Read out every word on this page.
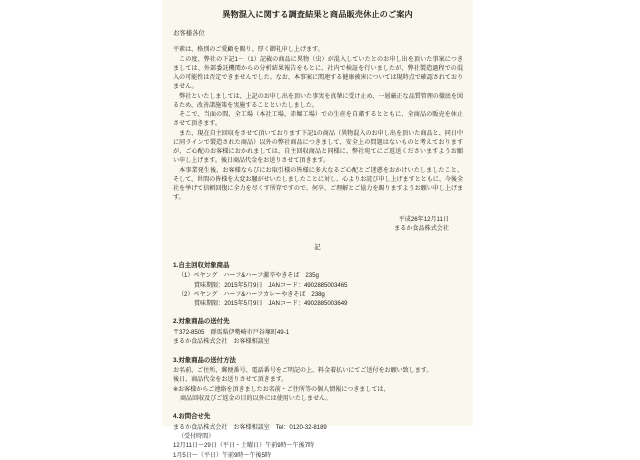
異物混入に関する調査結果と商品販売休止のご案内
お客様各位
平素は、格別のご愛顧を賜り、厚く御礼申し上げます。
この度、弊社の下記1－（1）記載の商品に異物（虫）が混入していたとのお申し出を頂いた事案につきましては、外部委託機関からの分析結果報告をもとに、社内で検証を行いましたが、弊社製造過程での混入の可能性は否定できませんでした。なお、本事案に関連する健康被害については現時点で確認されておりません。
弊社といたしましては、上記のお申し出を頂いた事実を真摯に受け止め、一層厳正な品質管理の徹底を図るため、改善諸施策を実施することといたしました。
そこで、当面の間、全工場（本社工場、赤堀工場）での生産を自粛するとともに、全商品の販売を休止させて頂きます。
また、現在自主回収をさせて頂いております下記1の商品（異物混入のお申し出を頂いた商品と、同日中に同ラインで製造された商品）以外の弊社商品につきまして、安全上の問題はないものと考えておりますが、ご心配のお客様におかれましては、自主回収商品と同様に、弊社宛てにご返送くださいますようお願い申し上げます。後日商品代金をお送りさせて頂きます。
本事業発生後、お客様ならびにお取引様の皆様に多大なるご心配とご迷惑をおかけいたしましたこと、そして、世間の皆様を大変お騒がせいたしましたことに対し、心よりお詫び申し上げますとともに、今後全社を挙げて信頼回復に全力を尽くす所存ですので、何卒、ご理解とご協力を賜りますようお願い申し上げます。
平成26年12月11日
まるか食品株式会社
記
1.自主回収対象商品
（1）ペヤング　ハーフ&ハーフ激辛やきそば　235g
賞味期限：2015年5月9日　JANコード：4902885003465
（2）ペヤング　ハーフ&ハーフカレーやきそば　238g
賞味期限：2015年5月9日　JANコード：4902885003649
2.対象商品の送付先
〒372-8505　群馬県伊勢崎市戸谷塚町49-1
まるか食品株式会社　お客様相談室
3.対象商品の送付方法
お名前、ご住所、郵便番号、電話番号をご明記の上、料金着払いにてご送付をお願い致します。
後日、商品代金をお送りさせて頂きます。
※お客様からご連絡を頂きましたお名前・ご住所等の個人情報につきましては、
商品回収及びご返金の目的以外には使用いたしません。
4.お問合せ先
まるか食品株式会社　お客様相談室　Tel：0120-32-8189
（受付時間）
12月11日～29日（平日・土曜日）午前9時～午後7時
1月5日～（平日）午前9時～午後5時
